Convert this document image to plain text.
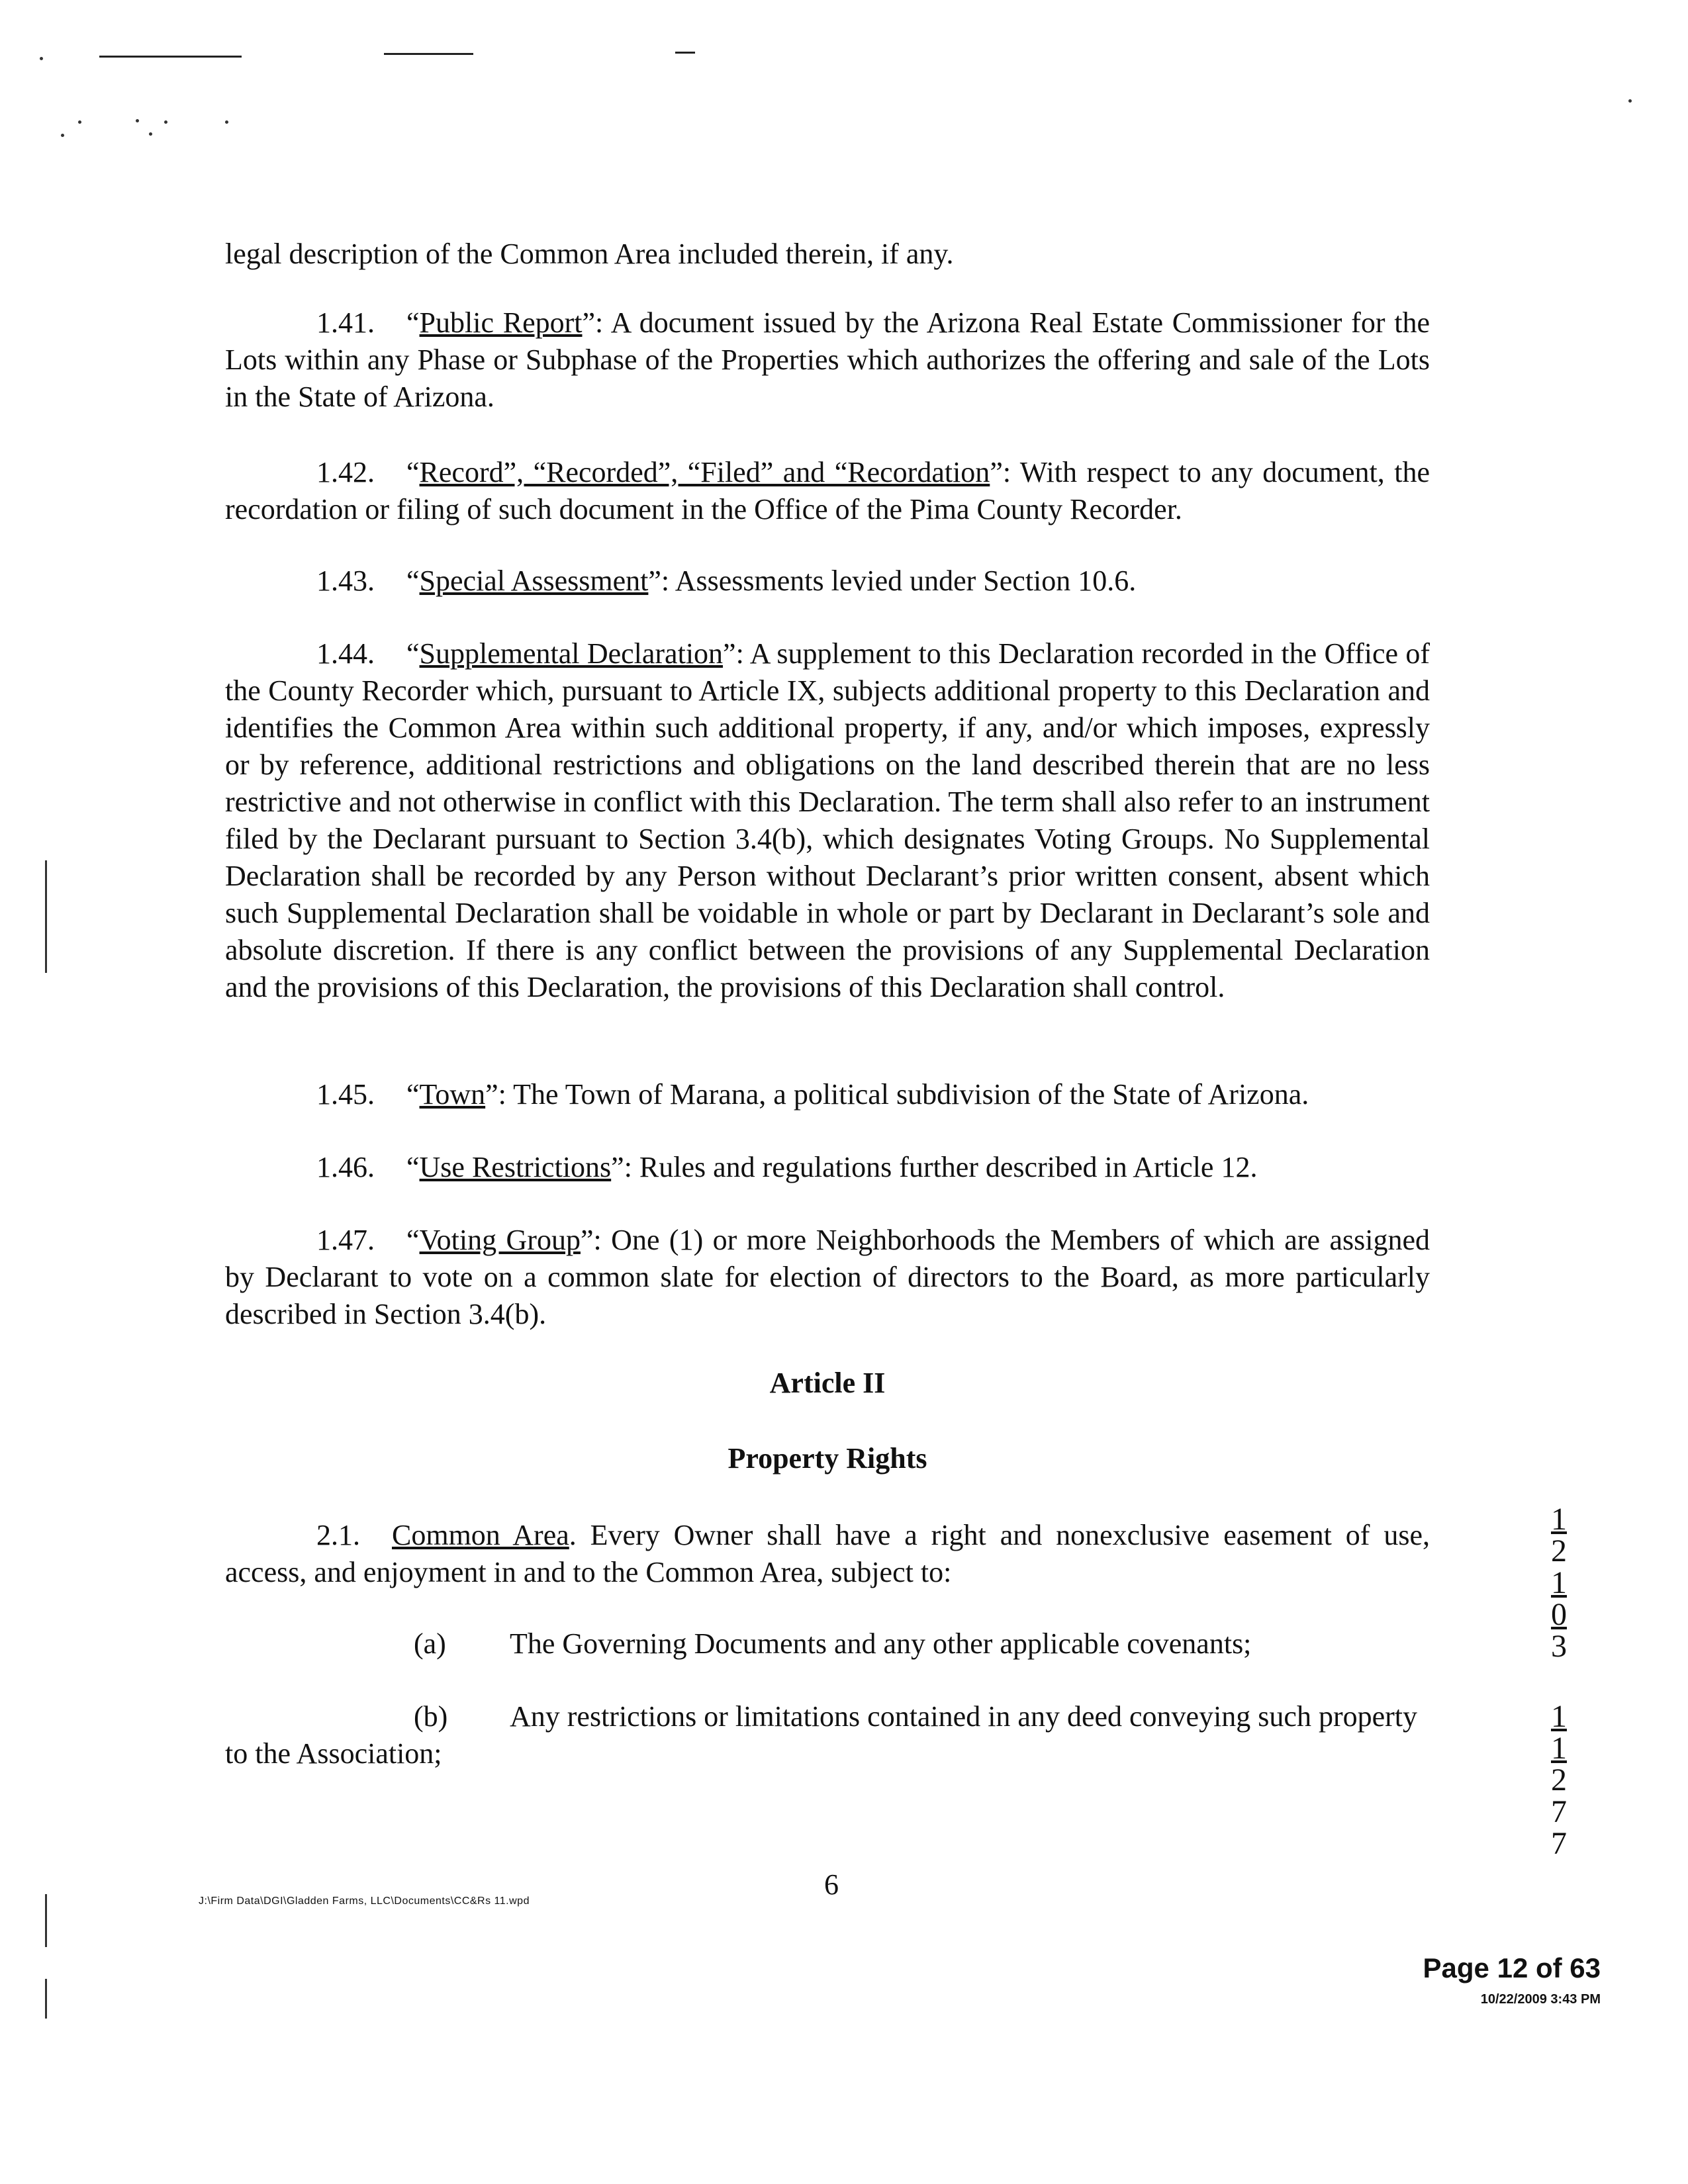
legal description of the Common Area included therein, if any.
1.41. “Public Report”: A document issued by the Arizona Real Estate Commissioner for the Lots within any Phase or Subphase of the Properties which authorizes the offering and sale of the Lots in the State of Arizona.
1.42. “Record”, “Recorded”, “Filed” and “Recordation”: With respect to any document, the recordation or filing of such document in the Office of the Pima County Recorder.
1.43. “Special Assessment”: Assessments levied under Section 10.6.
1.44. “Supplemental Declaration”: A supplement to this Declaration recorded in the Office of the County Recorder which, pursuant to Article IX, subjects additional property to this Declaration and identifies the Common Area within such additional property, if any, and/or which imposes, expressly or by reference, additional restrictions and obligations on the land described therein that are no less restrictive and not otherwise in conflict with this Declaration. The term shall also refer to an instrument filed by the Declarant pursuant to Section 3.4(b), which designates Voting Groups. No Supplemental Declaration shall be recorded by any Person without Declarant’s prior written consent, absent which such Supplemental Declaration shall be voidable in whole or part by Declarant in Declarant’s sole and absolute discretion. If there is any conflict between the provisions of any Supplemental Declaration and the provisions of this Declaration, the provisions of this Declaration shall control.
1.45. “Town”: The Town of Marana, a political subdivision of the State of Arizona.
1.46. “Use Restrictions”: Rules and regulations further described in Article 12.
1.47. “Voting Group”: One (1) or more Neighborhoods the Members of which are assigned by Declarant to vote on a common slate for election of directors to the Board, as more particularly described in Section 3.4(b).
Article II
Property Rights
2.1. Common Area. Every Owner shall have a right and nonexclusive easement of use, access, and enjoyment in and to the Common Area, subject to:
(a) The Governing Documents and any other applicable covenants;
(b) Any restrictions or limitations contained in any deed conveying such property
to the Association;
6
J:\Firm Data\DGI\Gladden Farms, LLC\Documents\CC&Rs 11.wpd
1
2
1
0
3
1
1
2
7
7
Page 12 of 63
10/22/2009 3:43 PM
